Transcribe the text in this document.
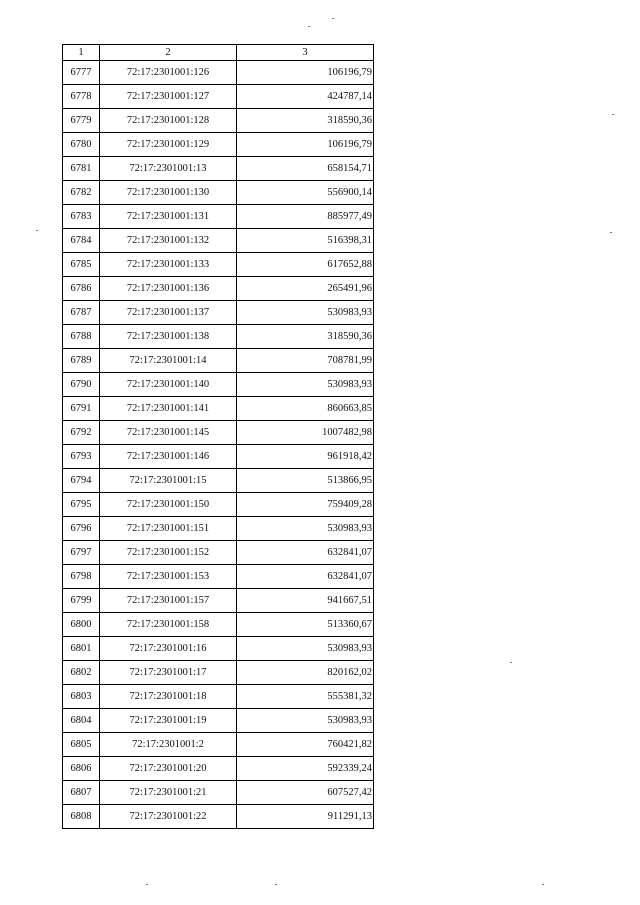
1	2	3
6777	72:17:2301001:126	106196,79
6778	72:17:2301001:127	424787,14
6779	72:17:2301001:128	318590,36
6780	72:17:2301001:129	106196,79
6781	72:17:2301001:13	658154,71
6782	72:17:2301001:130	556900,14
6783	72:17:2301001:131	885977,49
6784	72:17:2301001:132	516398,31
6785	72:17:2301001:133	617652,88
6786	72:17:2301001:136	265491,96
6787	72:17:2301001:137	530983,93
6788	72:17:2301001:138	318590,36
6789	72:17:2301001:14	708781,99
6790	72:17:2301001:140	530983,93
6791	72:17:2301001:141	860663,85
6792	72:17:2301001:145	1007482,98
6793	72:17:2301001:146	961918,42
6794	72:17:2301001:15	513866,95
6795	72:17:2301001:150	759409,28
6796	72:17:2301001:151	530983,93
6797	72:17:2301001:152	632841,07
6798	72:17:2301001:153	632841,07
6799	72:17:2301001:157	941667,51
6800	72:17:2301001:158	513360,67
6801	72:17:2301001:16	530983,93
6802	72:17:2301001:17	820162,02
6803	72:17:2301001:18	555381,32
6804	72:17:2301001:19	530983,93
6805	72:17:2301001:2	760421,82
6806	72:17:2301001:20	592339,24
6807	72:17:2301001:21	607527,42
6808	72:17:2301001:22	911291,13
